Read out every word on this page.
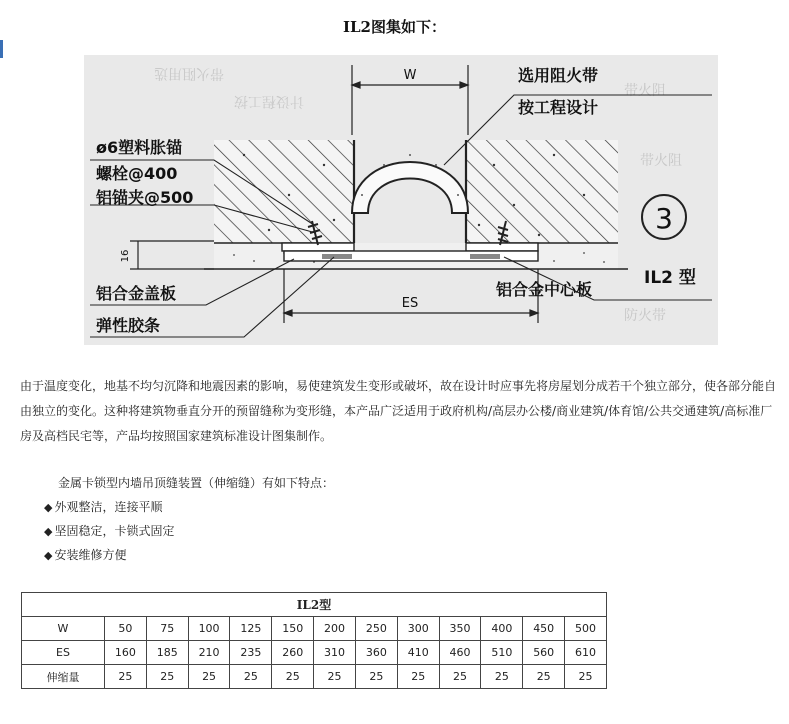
IL2图集如下：
带火阻用选
计设程工按
带火阻
带火阻
防火带
W
ES
16
选用阻火带
按工程设计
ø6塑料胀锚
螺栓@400
铝锚夹@500
铝合金盖板
弹性胶条
铝合金中心板
IL2 型
3
由于温度变化，地基不均匀沉降和地震因素的影响，易使建筑发生变形或破坏，故在设计时应事先将房屋划分成若干个独立部分，使各部分能自由独立的变化。这种将建筑物垂直分开的预留缝称为变形缝，本产品广泛适用于政府机构/高层办公楼/商业建筑/体育馆/公共交通建筑/高标准厂房及高档民宅等，产品均按照国家建筑标准设计图集制作。
金属卡锁型内墙吊顶缝装置（伸缩缝）有如下特点：
◆ 外观整洁，连接平顺
◆ 坚固稳定，卡锁式固定
◆ 安装维修方便
IL2型												
W	50	75	100	125	150	200	250	300	350	400	450	500
ES	160	185	210	235	260	310	360	410	460	510	560	610
伸缩量	25	25	25	25	25	25	25	25	25	25	25	25
